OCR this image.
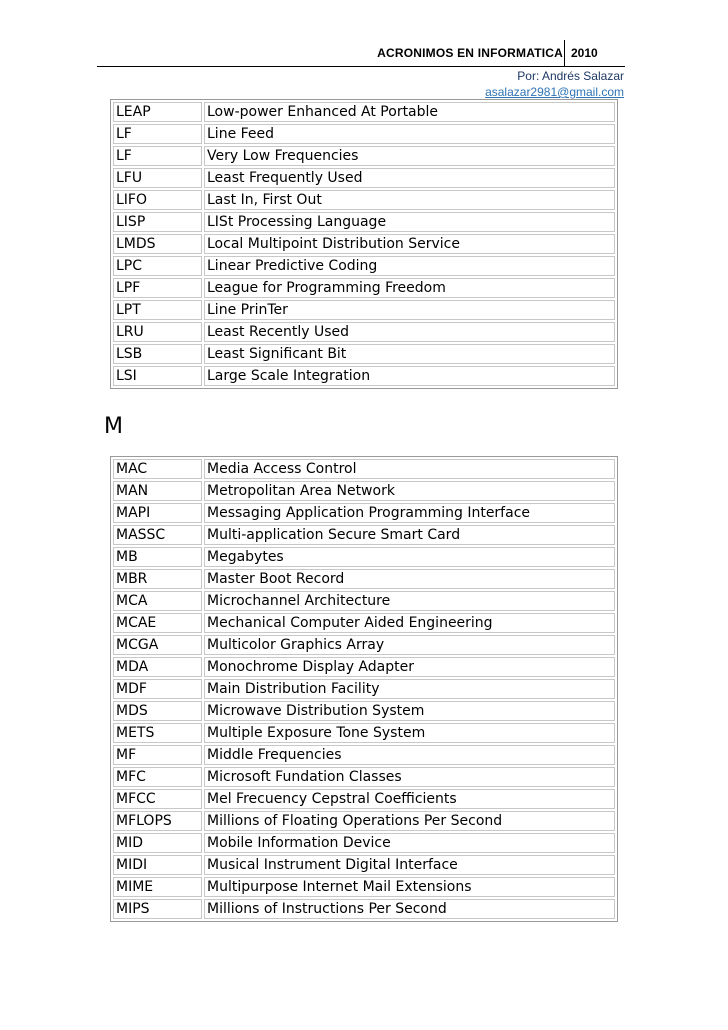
ACRONIMOS EN INFORMATICA 2010
Por: Andrés Salazar
asalazar2981@gmail.com
LEAP	Low-power Enhanced At Portable
LF	Line Feed
LF	Very Low Frequencies
LFU	Least Frequently Used
LIFO	Last In, First Out
LISP	LISt Processing Language
LMDS	Local Multipoint Distribution Service
LPC	Linear Predictive Coding
LPF	League for Programming Freedom
LPT	Line PrinTer
LRU	Least Recently Used
LSB	Least Significant Bit
LSI	Large Scale Integration
M
MAC	Media Access Control
MAN	Metropolitan Area Network
MAPI	Messaging Application Programming Interface
MASSC	Multi-application Secure Smart Card
MB	Megabytes
MBR	Master Boot Record
MCA	Microchannel Architecture
MCAE	Mechanical Computer Aided Engineering
MCGA	Multicolor Graphics Array
MDA	Monochrome Display Adapter
MDF	Main Distribution Facility
MDS	Microwave Distribution System
METS	Multiple Exposure Tone System
MF	Middle Frequencies
MFC	Microsoft Fundation Classes
MFCC	Mel Frecuency Cepstral Coefficients
MFLOPS	Millions of Floating Operations Per Second
MID	Mobile Information Device
MIDI	Musical Instrument Digital Interface
MIME	Multipurpose Internet Mail Extensions
MIPS	Millions of Instructions Per Second
